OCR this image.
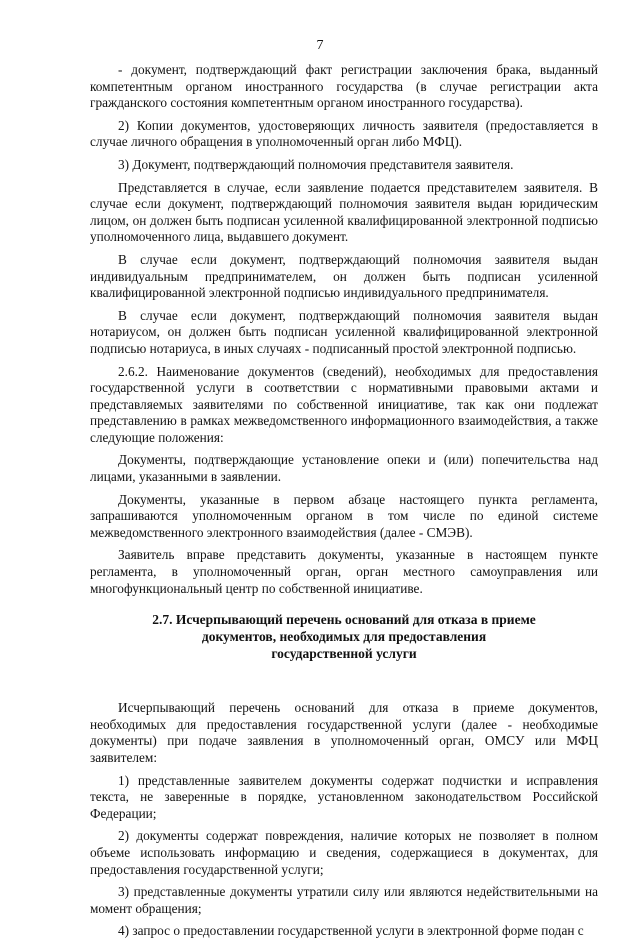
7

- документ, подтверждающий факт регистрации заключения брака, выданный компетентным органом иностранного государства (в случае регистрации акта гражданского состояния компетентным органом иностранного государства).

2) Копии документов, удостоверяющих личность заявителя (предоставляется в случае личного обращения в уполномоченный орган либо МФЦ).

3) Документ, подтверждающий полномочия представителя заявителя.

Представляется в случае, если заявление подается представителем заявителя. В случае если документ, подтверждающий полномочия заявителя выдан юридическим лицом, он должен быть подписан усиленной квалифицированной электронной подписью уполномоченного лица, выдавшего документ.

В случае если документ, подтверждающий полномочия заявителя выдан индивидуальным предпринимателем, он должен быть подписан усиленной квалифицированной электронной подписью индивидуального предпринимателя.

В случае если документ, подтверждающий полномочия заявителя выдан нотариусом, он должен быть подписан усиленной квалифицированной электронной подписью нотариуса, в иных случаях - подписанный простой электронной подписью.

2.6.2. Наименование документов (сведений), необходимых для предоставления государственной услуги в соответствии с нормативными правовыми актами и представляемых заявителями по собственной инициативе, так как они подлежат представлению в рамках межведомственного информационного взаимодействия, а также следующие положения:

Документы, подтверждающие установление опеки и (или) попечительства над лицами, указанными в заявлении.

Документы, указанные в первом абзаце настоящего пункта регламента, запрашиваются уполномоченным органом в том числе по единой системе межведомственного электронного взаимодействия (далее - СМЭВ).

Заявитель вправе представить документы, указанные в настоящем пункте регламента, в уполномоченный орган, орган местного самоуправления или многофункциональный центр по собственной инициативе.

2.7. Исчерпывающий перечень оснований для отказа в приеме
документов, необходимых для предоставления
государственной услуги

Исчерпывающий перечень оснований для отказа в приеме документов, необходимых для предоставления государственной услуги (далее - необходимые документы) при подаче заявления в уполномоченный орган, ОМСУ или МФЦ заявителем:

1) представленные заявителем документы содержат подчистки и исправления текста, не заверенные в порядке, установленном законодательством Российской Федерации;

2) документы содержат повреждения, наличие которых не позволяет в полном объеме использовать информацию и сведения, содержащиеся в документах, для предоставления государственной услуги;

3) представленные документы утратили силу или являются недействительными на момент обращения;

4) запрос о предоставлении государственной услуги в электронной форме подан с
